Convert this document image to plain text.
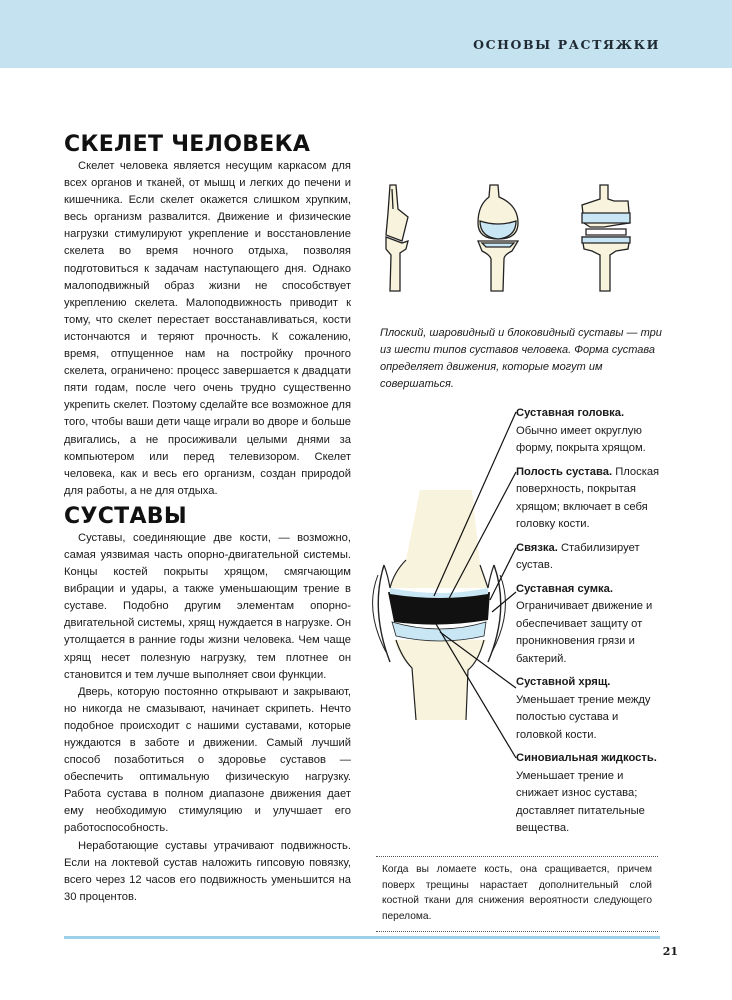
ОСНОВЫ РАСТЯЖКИ
СКЕЛЕТ ЧЕЛОВЕКА

Скелет человека является несущим каркасом для всех органов и тканей, от мышц и легких до печени и кишечника. Если скелет окажется слишком хрупким, весь организм развалится. Движение и физические нагрузки стимулируют укрепление и восстановление скелета во время ночного отдыха, позволяя подготовиться к задачам наступающего дня. Однако малоподвижный образ жизни не способствует укреплению скелета. Малоподвижность приводит к тому, что скелет перестает восстанавливаться, кости истончаются и теряют прочность. К сожалению, время, отпущенное нам на постройку прочного скелета, ограничено: процесс завершается к двадцати пяти годам, после чего очень трудно существенно укрепить скелет. Поэтому сделайте все возможное для того, чтобы ваши дети чаще играли во дворе и больше двигались, а не просиживали целыми днями за компьютером или перед телевизором. Скелет человека, как и весь его организм, создан природой для работы, а не для отдыха.

СУСТАВЫ

Суставы, соединяющие две кости, — возможно, самая уязвимая часть опорно-двигательной системы. Концы костей покрыты хрящом, смягчающим вибрации и удары, а также уменьшающим трение в суставе. Подобно другим элементам опорно-двигательной системы, хрящ нуждается в нагрузке. Он утолщается в ранние годы жизни человека. Чем чаще хрящ несет полезную нагрузку, тем плотнее он становится и тем лучше выполняет свои функции.

Дверь, которую постоянно открывают и закрывают, но никогда не смазывают, начинает скрипеть. Нечто подобное происходит с нашими суставами, которые нуждаются в заботе и движении. Самый лучший способ позаботиться о здоровье суставов — обеспечить оптимальную физическую нагрузку. Работа сустава в полном диапазоне движения дает ему необходимую стимуляцию и улучшает его работоспособность.

Неработающие суставы утрачивают подвижность. Если на локтевой сустав наложить гипсовую повязку, всего через 12 часов его подвижность уменьшится на 30 процентов.

Плоский, шаровидный и блоковидный суставы — три из шести типов суставов человека. Форма сустава определяет движения, которые могут им совершаться.

Суставная головка. Обычно имеет округлую форму, покрыта хрящом.

Полость сустава. Плоская поверхность, покрытая хрящом; включает в себя головку кости.

Связка. Стабилизирует сустав.

Суставная сумка. Ограничивает движение и обеспечивает защиту от проникновения грязи и бактерий.

Суставной хрящ. Уменьшает трение между полостью сустава и головкой кости.

Синовиальная жидкость. Уменьшает трение и снижает износ сустава; доставляет питательные вещества.

Когда вы ломаете кость, она сращивается, причем поверх трещины нарастает дополнительный слой костной ткани для снижения вероятности следующего перелома.

21
